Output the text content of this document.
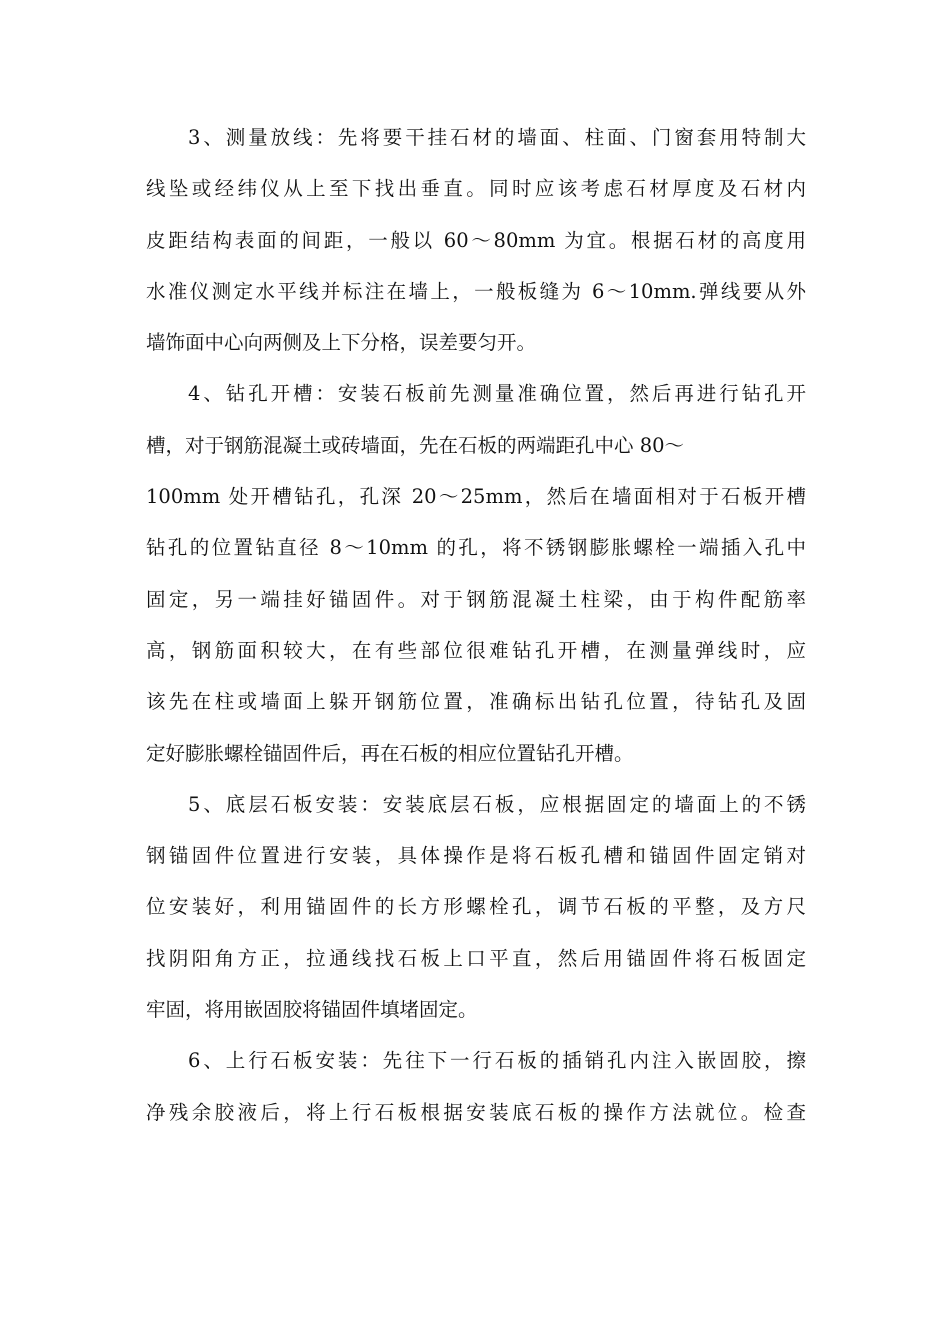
3、测量放线：先将要干挂石材的墙面、柱面、门窗套用特制大
线坠或经纬仪从上至下找出垂直。同时应该考虑石材厚度及石材内
皮距结构表面的间距，一般以 60～80mm 为宜。根据石材的高度用
水准仪测定水平线并标注在墙上，一般板缝为 6～10mm.弹线要从外
墙饰面中心向两侧及上下分格，误差要匀开。
4、钻孔开槽：安装石板前先测量准确位置，然后再进行钻孔开
槽，对于钢筋混凝土或砖墙面，先在石板的两端距孔中心 80～
100mm 处开槽钻孔，孔深 20～25mm，然后在墙面相对于石板开槽
钻孔的位置钻直径 8～10mm 的孔，将不锈钢膨胀螺栓一端插入孔中
固定，另一端挂好锚固件。对于钢筋混凝土柱梁，由于构件配筋率
高，钢筋面积较大，在有些部位很难钻孔开槽，在测量弹线时，应
该先在柱或墙面上躲开钢筋位置，准确标出钻孔位置，待钻孔及固
定好膨胀螺栓锚固件后，再在石板的相应位置钻孔开槽。
5、底层石板安装：安装底层石板，应根据固定的墙面上的不锈
钢锚固件位置进行安装，具体操作是将石板孔槽和锚固件固定销对
位安装好，利用锚固件的长方形螺栓孔，调节石板的平整，及方尺
找阴阳角方正，拉通线找石板上口平直，然后用锚固件将石板固定
牢固，将用嵌固胶将锚固件填堵固定。
6、上行石板安装：先往下一行石板的插销孔内注入嵌固胶，擦
净残余胶液后，将上行石板根据安装底石板的操作方法就位。检查
